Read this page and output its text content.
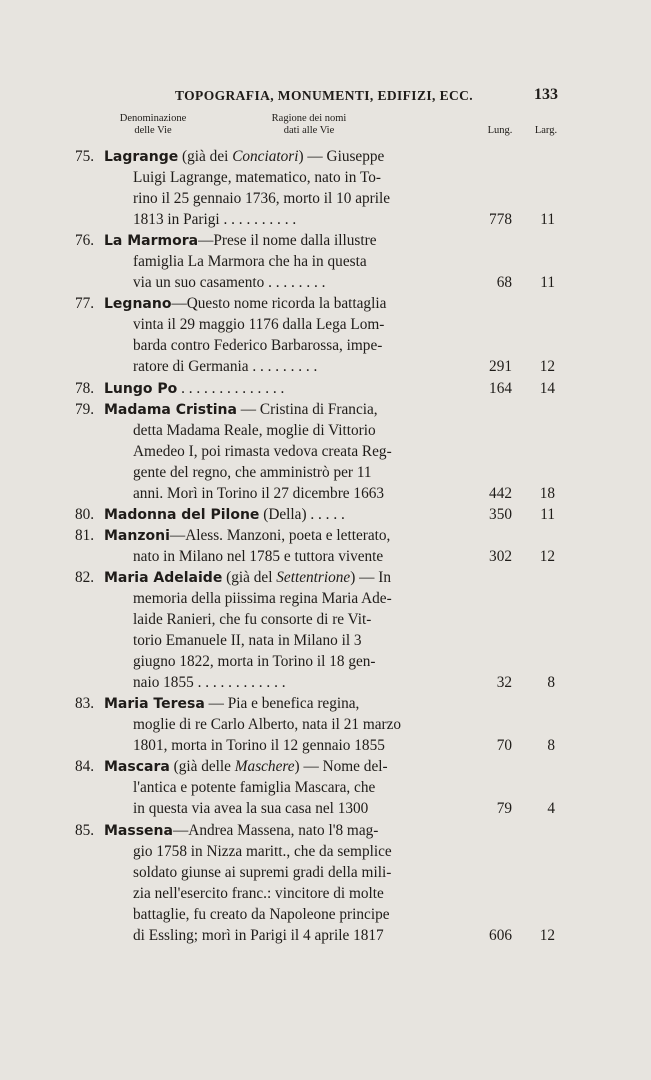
TOPOGRAFIA, MONUMENTI, EDIFIZI, ECC.	133
Denominazione
delle Vie
Ragione dei nomi
dati alle Vie	Lung.	Larg.
75. Lagrange (già dei Conciatori) — Giuseppe
Luigi Lagrange, matematico, nato in To-
rino il 25 gennaio 1736, morto il 10 aprile
1813 in Parigi . . . . . . . . . .	778 11
76. La Marmora—Prese il nome dalla illustre
famiglia La Marmora che ha in questa
via un suo casamento . . . . . . . .	68 11
77. Legnano—Questo nome ricorda la battaglia
vinta il 29 maggio 1176 dalla Lega Lom-
barda contro Federico Barbarossa, impe-
ratore di Germania . . . . . . . . .	291 12
78. Lungo Po . . . . . . . . . . . . . .	164 14
79. Madama Cristina — Cristina di Francia,
detta Madama Reale, moglie di Vittorio
Amedeo I, poi rimasta vedova creata Reg-
gente del regno, che amministrò per 11
anni. Morì in Torino il 27 dicembre 1663	442 18
80. Madonna del Pilone (Della) . . . . .	350 11
81. Manzoni—Aless. Manzoni, poeta e letterato,
nato in Milano nel 1785 e tuttora vivente	302 12
82. Maria Adelaide (già del Settentrione) — In
memoria della piissima regina Maria Ade-
laide Ranieri, che fu consorte di re Vit-
torio Emanuele II, nata in Milano il 3
giugno 1822, morta in Torino il 18 gen-
naio 1855 . . . . . . . . . . . .	32 8
83. Maria Teresa — Pia e benefica regina,
moglie di re Carlo Alberto, nata il 21 marzo
1801, morta in Torino il 12 gennaio 1855	70 8
84. Mascara (già delle Maschere) — Nome del-
l'antica e potente famiglia Mascara, che
in questa via avea la sua casa nel 1300	79 4
85. Massena—Andrea Massena, nato l'8 mag-
gio 1758 in Nizza maritt., che da semplice
soldato giunse ai supremi gradi della mili-
zia nell'esercito franc.: vincitore di molte
battaglie, fu creato da Napoleone principe
di Essling; morì in Parigi il 4 aprile 1817	606 12
